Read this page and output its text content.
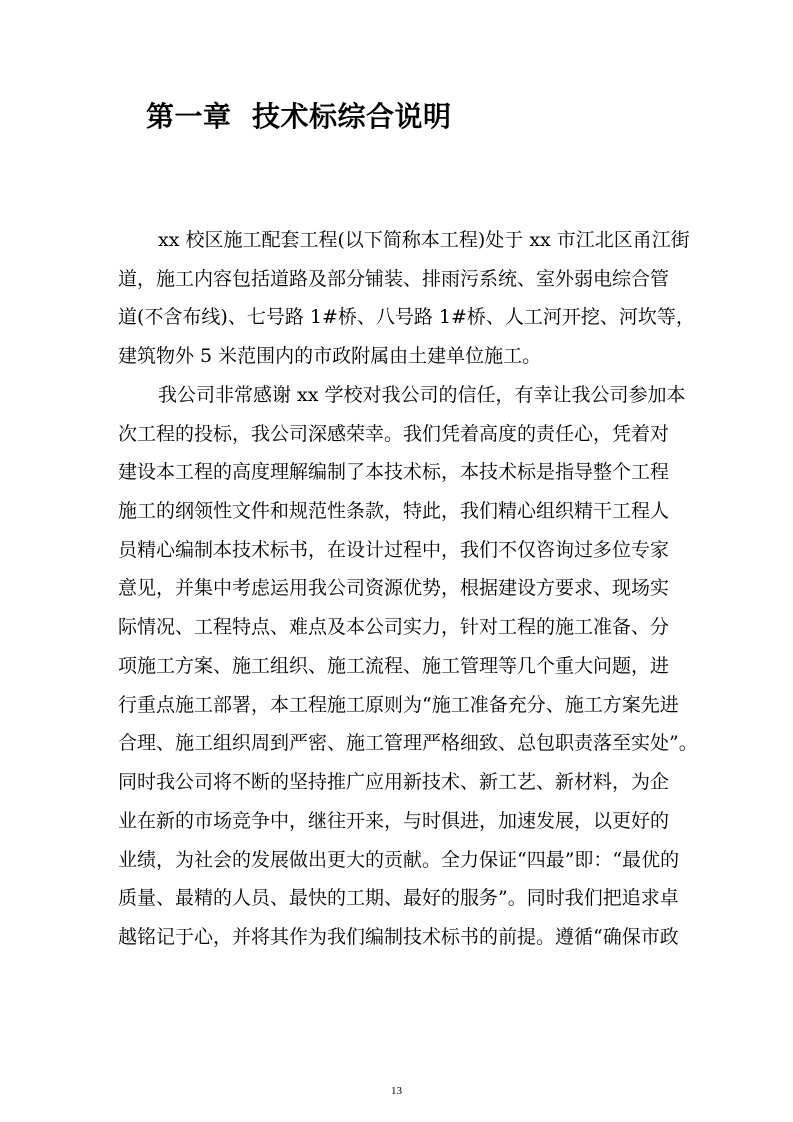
第一章  技术标综合说明
xx 校区施工配套工程(以下简称本工程)处于 xx 市江北区甬江街
道，施工内容包括道路及部分铺装、排雨污系统、室外弱电综合管
道(不含布线)、七号路 1#桥、八号路 1#桥、人工河开挖、河坎等，
建筑物外 5 米范围内的市政附属由土建单位施工。
我公司非常感谢 xx 学校对我公司的信任，有幸让我公司参加本
次工程的投标，我公司深感荣幸。我们凭着高度的责任心，凭着对
建设本工程的高度理解编制了本技术标，本技术标是指导整个工程
施工的纲领性文件和规范性条款，特此，我们精心组织精干工程人
员精心编制本技术标书，在设计过程中，我们不仅咨询过多位专家
意见，并集中考虑运用我公司资源优势，根据建设方要求、现场实
际情况、工程特点、难点及本公司实力，针对工程的施工准备、分
项施工方案、施工组织、施工流程、施工管理等几个重大问题，进
行重点施工部署，本工程施工原则为“施工准备充分、施工方案先进
合理、施工组织周到严密、施工管理严格细致、总包职责落至实处”。
同时我公司将不断的坚持推广应用新技术、新工艺、新材料，为企
业在新的市场竞争中，继往开来，与时俱进，加速发展，以更好的
业绩，为社会的发展做出更大的贡献。全力保证“四最”即：“最优的
质量、最精的人员、最快的工期、最好的服务”。同时我们把追求卓
越铭记于心，并将其作为我们编制技术标书的前提。遵循“确保市政
13
